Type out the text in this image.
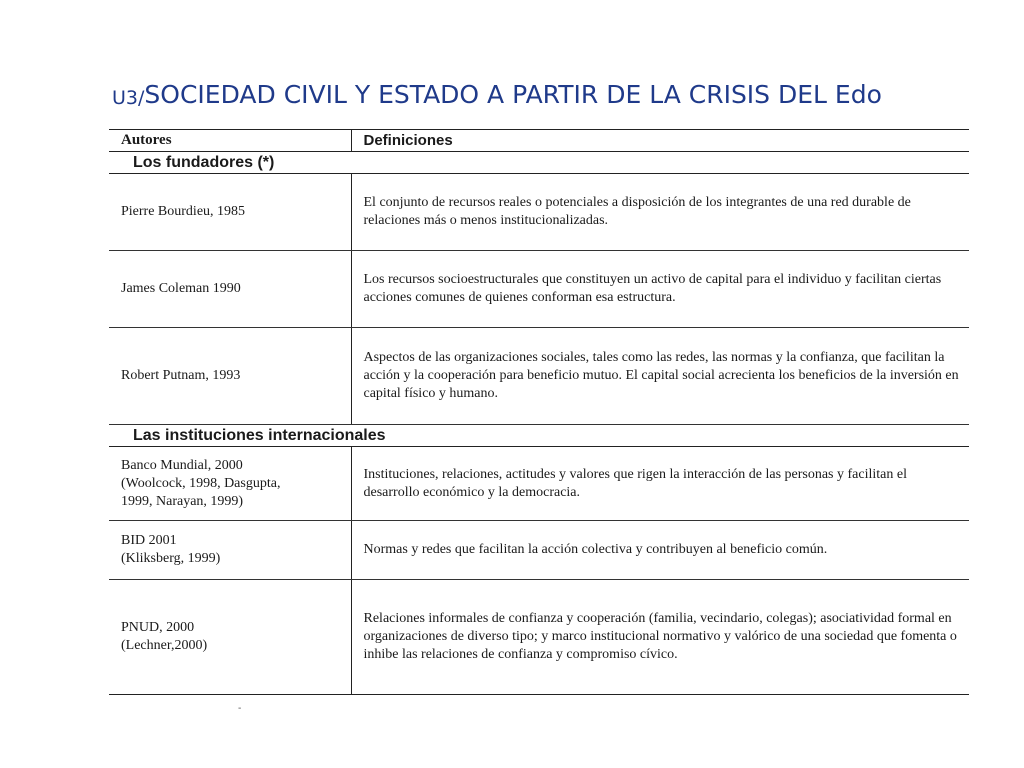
U3/SOCIEDAD CIVIL Y ESTADO A PARTIR DE LA CRISIS DEL Edo
Autores	Definiciones
Los fundadores (*)	

Pierre Bourdieu, 1985	El conjunto de recursos reales o potenciales a disposición de los integrantes de una red durable de relaciones más o menos institucionalizadas.

James Coleman 1990	Los recursos socioestructurales que constituyen un activo de capital para el individuo y facilitan ciertas acciones comunes de quienes conforman esa estructura.

Robert Putnam, 1993	Aspectos de las organizaciones sociales, tales como las redes, las normas y la confianza, que facilitan la acción y la cooperación para beneficio mutuo. El capital social acrecienta los beneficios de la inversión en capital físico y humano.
Las instituciones internacionales	

Banco Mundial, 2000
(Woolcock, 1998, Dasgupta,
1999, Narayan, 1999)	Instituciones, relaciones, actitudes y valores que rigen la interacción de las personas y facilitan el desarrollo económico y la democracia.

BID 2001
(Kliksberg, 1999)	Normas y redes que facilitan la acción colectiva y contribuyen al beneficio común.

PNUD, 2000
(Lechner,2000)	Relaciones informales de confianza y cooperación (familia, vecindario, colegas); asociatividad formal en organizaciones de diverso tipo; y marco institucional normativo y valórico de una sociedad que fomenta o inhibe las relaciones de confianza y compromiso cívico.
-
